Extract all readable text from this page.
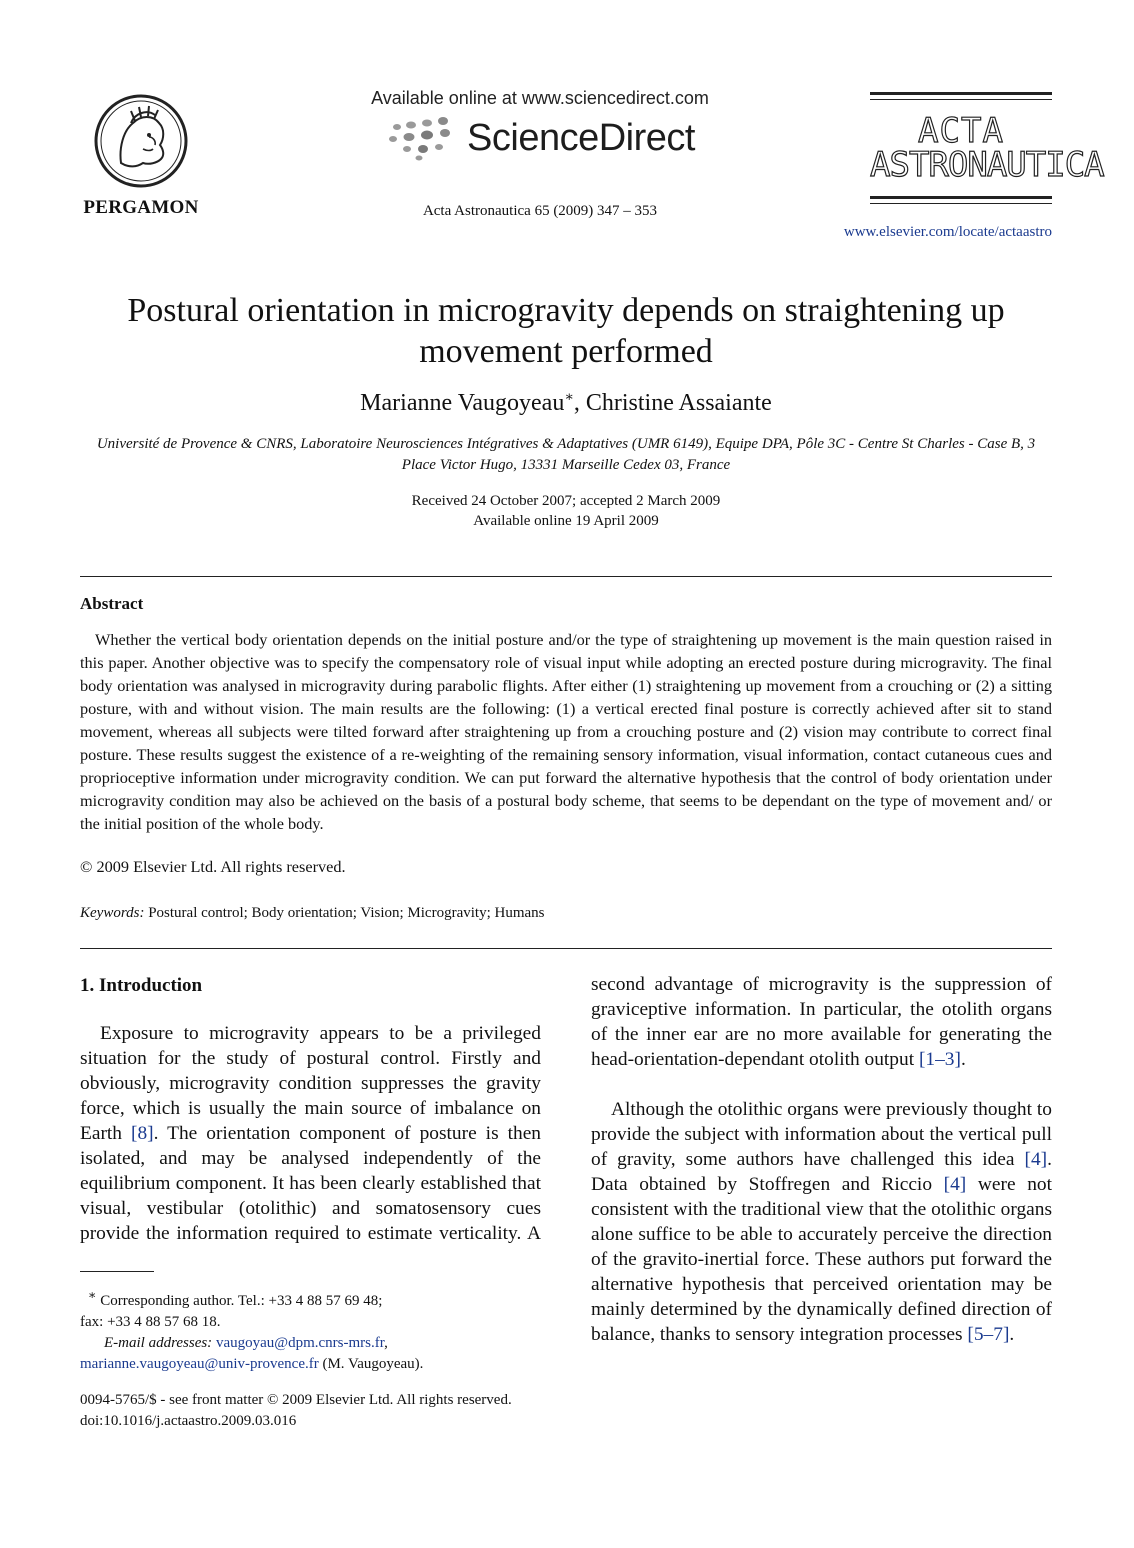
PERGAMON
Available online at www.sciencedirect.com
ScienceDirect
Acta Astronautica 65 (2009) 347 – 353
ACTA
ASTRONAUTICA
www.elsevier.com/locate/actaastro
Postural orientation in microgravity depends on straightening up movement performed
Marianne Vaugoyeau∗, Christine Assaiante
Université de Provence & CNRS, Laboratoire Neurosciences Intégratives & Adaptatives (UMR 6149), Equipe DPA, Pôle 3C - Centre St Charles - Case B, 3 Place Victor Hugo, 13331 Marseille Cedex 03, France
Received 24 October 2007; accepted 2 March 2009
Available online 19 April 2009
Abstract
Whether the vertical body orientation depends on the initial posture and/or the type of straightening up movement is the main question raised in this paper. Another objective was to specify the compensatory role of visual input while adopting an erected posture during microgravity. The final body orientation was analysed in microgravity during parabolic flights. After either (1) straightening up movement from a crouching or (2) a sitting posture, with and without vision. The main results are the following: (1) a vertical erected final posture is correctly achieved after sit to stand movement, whereas all subjects were tilted forward after straightening up from a crouching posture and (2) vision may contribute to correct final posture. These results suggest the existence of a re-weighting of the remaining sensory information, visual information, contact cutaneous cues and proprioceptive information under microgravity condition. We can put forward the alternative hypothesis that the control of body orientation under microgravity condition may also be achieved on the basis of a postural body scheme, that seems to be dependant on the type of movement and/ or the initial position of the whole body.
© 2009 Elsevier Ltd. All rights reserved.
Keywords: Postural control; Body orientation; Vision; Microgravity; Humans
1. Introduction

Exposure to microgravity appears to be a privileged situation for the study of postural control. Firstly and obviously, microgravity condition suppresses the gravity force, which is usually the main source of imbalance on Earth [8]. The orientation component of posture is then isolated, and may be analysed independently of the equilibrium component. It has been clearly established that visual, vestibular (otolithic) and somatosensory cues provide the information required to estimate verticality. A

second advantage of microgravity is the suppression of graviceptive information. In particular, the otolith organs of the inner ear are no more available for generating the head-orientation-dependant otolith output [1–3].

Although the otolithic organs were previously thought to provide the subject with information about the vertical pull of gravity, some authors have challenged this idea [4]. Data obtained by Stoffregen and Riccio [4] were not consistent with the traditional view that the otolithic organs alone suffice to be able to accurately perceive the direction of the gravito-inertial force. These authors put forward the alternative hypothesis that perceived orientation may be mainly determined by the dynamically defined direction of balance, thanks to sensory integration processes [5–7].

∗ Corresponding author. Tel.: +33 4 88 57 69 48;
fax: +33 4 88 57 68 18.
E-mail addresses: vaugoyau@dpm.cnrs-mrs.fr,
marianne.vaugoyeau@univ-provence.fr (M. Vaugoyeau).
0094-5765/$ - see front matter © 2009 Elsevier Ltd. All rights reserved.
doi:10.1016/j.actaastro.2009.03.016
